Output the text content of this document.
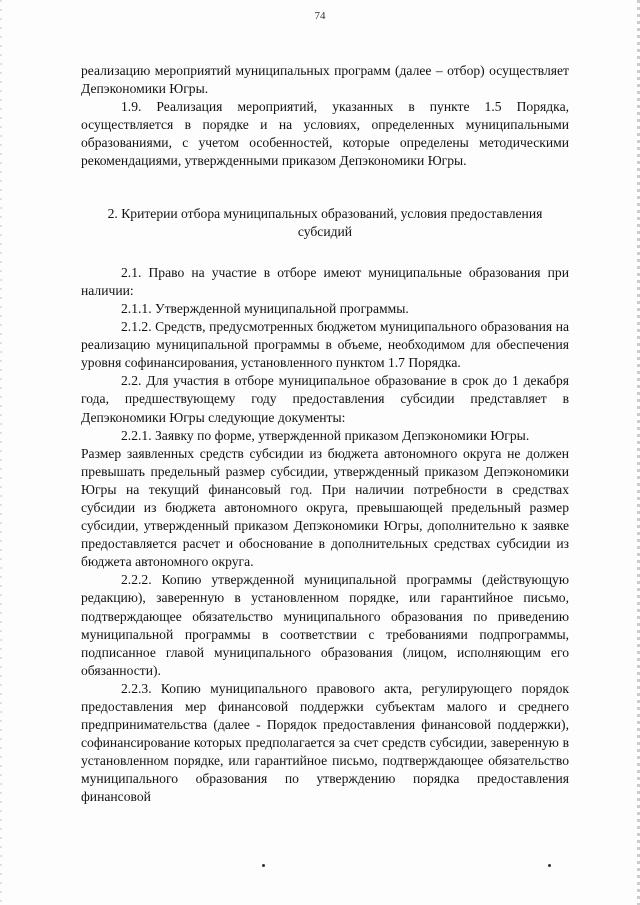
74

реализацию мероприятий муниципальных программ (далее – отбор) осуществляет Депэкономики Югры.

1.9. Реализация мероприятий, указанных в пункте 1.5 Порядка, осуществляется в порядке и на условиях, определенных муниципальными образованиями, с учетом особенностей, которые определены методическими рекомендациями, утвержденными приказом Депэкономики Югры.

2. Критерии отбора муниципальных образований, условия предоставления субсидий

2.1. Право на участие в отборе имеют муниципальные образования при наличии:

2.1.1. Утвержденной муниципальной программы.

2.1.2. Средств, предусмотренных бюджетом муниципального образования на реализацию муниципальной программы в объеме, необходимом для обеспечения уровня софинансирования, установленного пунктом 1.7 Порядка.

2.2. Для участия в отборе муниципальное образование в срок до 1 декабря года, предшествующему году предоставления субсидии представляет в Депэкономики Югры следующие документы:

2.2.1. Заявку по форме, утвержденной приказом Депэкономики Югры.

Размер заявленных средств субсидии из бюджета автономного округа не должен превышать предельный размер субсидии, утвержденный приказом Депэкономики Югры на текущий финансовый год. При наличии потребности в средствах субсидии из бюджета автономного округа, превышающей предельный размер субсидии, утвержденный приказом Депэкономики Югры, дополнительно к заявке предоставляется расчет и обоснование в дополнительных средствах субсидии из бюджета автономного округа.

2.2.2. Копию утвержденной муниципальной программы (действующую редакцию), заверенную в установленном порядке, или гарантийное письмо, подтверждающее обязательство муниципального образования по приведению муниципальной программы в соответствии с требованиями подпрограммы, подписанное главой муниципального образования (лицом, исполняющим его обязанности).

2.2.3. Копию муниципального правового акта, регулирующего порядок предоставления мер финансовой поддержки субъектам малого и среднего предпринимательства (далее - Порядок предоставления финансовой поддержки), софинансирование которых предполагается за счет средств субсидии, заверенную в установленном порядке, или гарантийное письмо, подтверждающее обязательство муниципального образования по утверждению порядка предоставления финансовой
